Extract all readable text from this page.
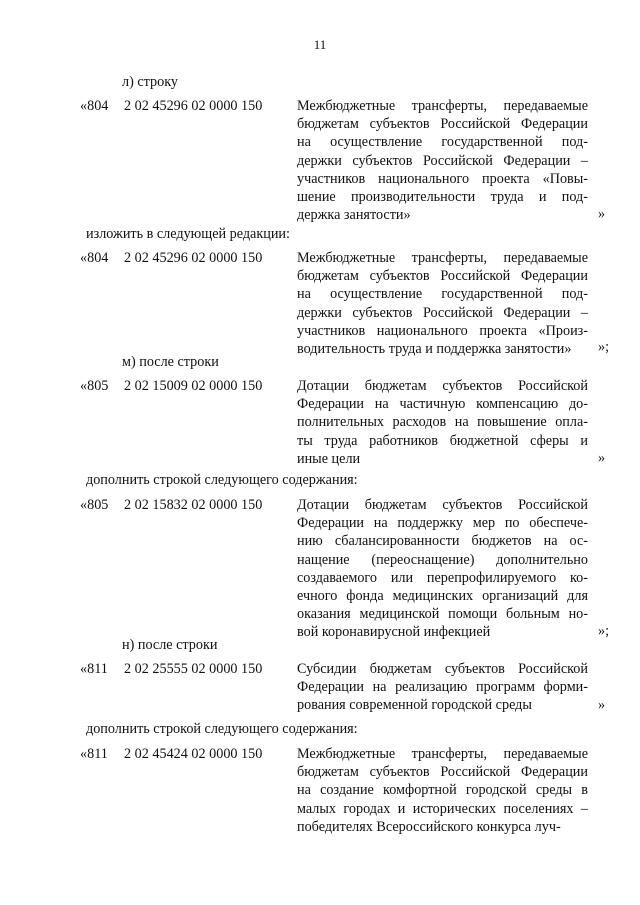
11
л) строку
«804 2 02 45296 02 0000 150 Межбюджетные трансферты, передаваемые
бюджетам субъектов Российской Федерации
на осуществление государственной под-
держки субъектов Российской Федерации –
участников национального проекта «Повы-
шение производительности труда и под-
держка занятости»	»
изложить в следующей редакции:
«804 2 02 45296 02 0000 150 Межбюджетные трансферты, передаваемые
бюджетам субъектов Российской Федерации
на осуществление государственной под-
держки субъектов Российской Федерации –
участников национального проекта «Произ-
водительность труда и поддержка занятости»	»;
м) после строки
«805 2 02 15009 02 0000 150 Дотации бюджетам субъектов Российской
Федерации на частичную компенсацию до-
полнительных расходов на повышение опла-
ты труда работников бюджетной сферы и
иные цели	»
дополнить строкой следующего содержания:
«805 2 02 15832 02 0000 150 Дотации бюджетам субъектов Российской
Федерации на поддержку мер по обеспече-
нию сбалансированности бюджетов на ос-
нащение (переоснащение) дополнительно
создаваемого или перепрофилируемого ко-
ечного фонда медицинских организаций для
оказания медицинской помощи больным но-
вой коронавирусной инфекцией	»;
н) после строки
«811 2 02 25555 02 0000 150 Субсидии бюджетам субъектов Российской
Федерации на реализацию программ форми-
рования современной городской среды	»
дополнить строкой следующего содержания:
«811 2 02 45424 02 0000 150 Межбюджетные трансферты, передаваемые
бюджетам субъектов Российской Федерации
на создание комфортной городской среды в
малых городах и исторических поселениях –
победителях Всероссийского конкурса луч-
